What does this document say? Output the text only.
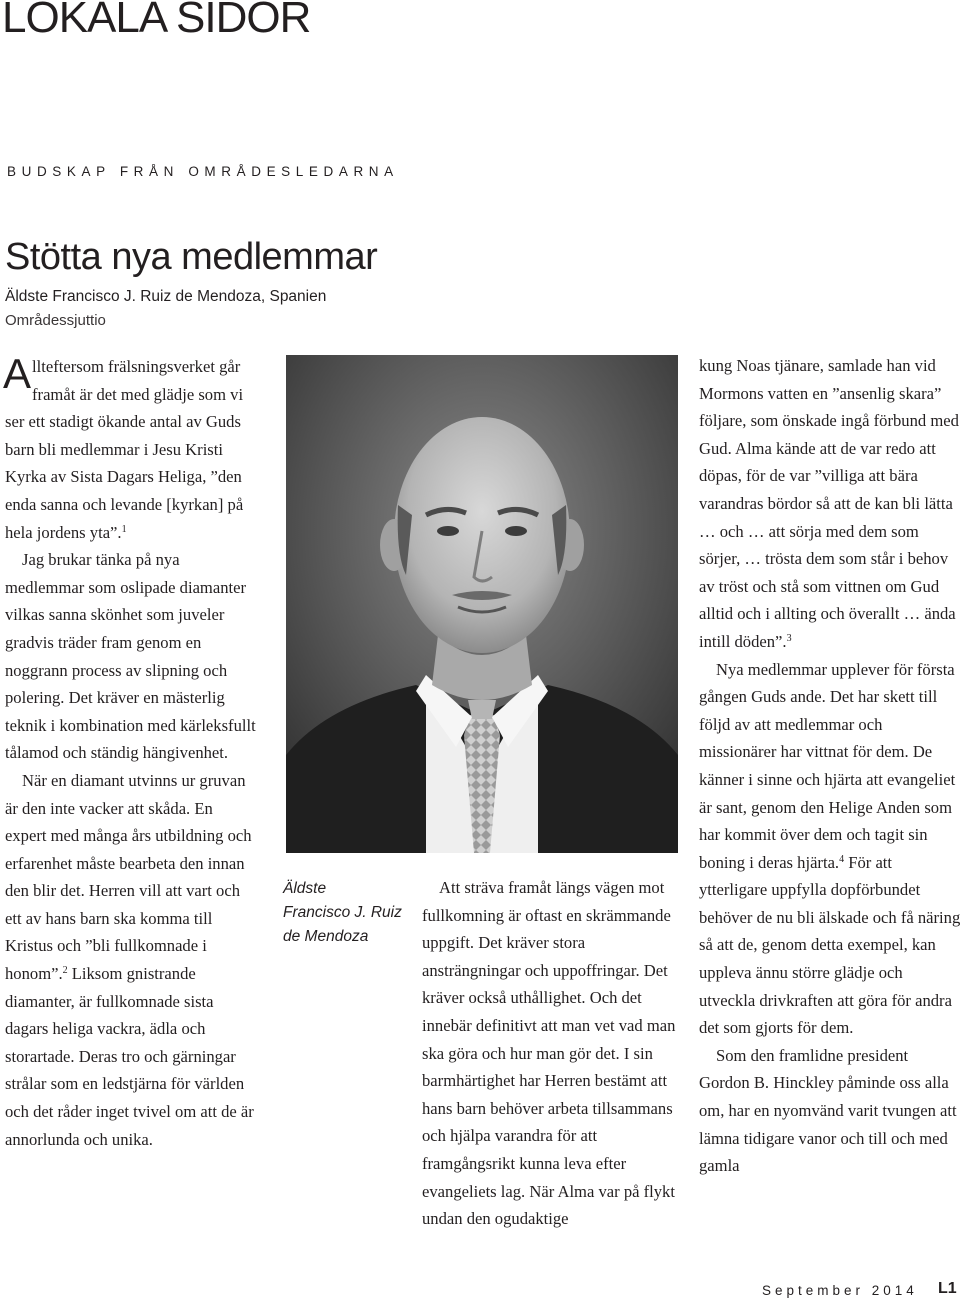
LOKALA SIDOR
BUDSKAP FRÅN OMRÅDESLEDARNA
Stötta nya medlemmar
Äldste Francisco J. Ruiz de Mendoza, Spanien
Områdessjuttio

Allteftersom frälsningsverket går framåt är det med glädje som vi ser ett stadigt ökande antal av Guds barn bli medlemmar i Jesu Kristi Kyrka av Sista Dagars Heliga, ”den enda sanna och levande [kyrkan] på hela jordens yta”.$^1$

Jag brukar tänka på nya medlemmar som oslipade diamanter vilkas sanna skönhet som juveler gradvis träder fram genom en noggrann process av slipning och polering. Det kräver en mästerlig teknik i kombination med kärleksfullt tålamod och ständig hängivenhet.

När en diamant utvinns ur gruvan är den inte vacker att skåda. En expert med många års utbildning och erfarenhet måste bearbeta den innan den blir det. Herren vill att vart och ett av hans barn ska komma till Kristus och ”bli fullkomnade i honom”.$^2$ Liksom gnistrande diamanter, är fullkomnade sista dagars heliga vackra, ädla och storartade. Deras tro och gärningar strålar som en ledstjärna för världen och det råder inget tvivel om att de är annorlunda och unika.

Äldste
Francisco J. Ruiz
de Mendoza

Att sträva framåt längs vägen mot fullkomning är oftast en skrämmande uppgift. Det kräver stora ansträngningar och uppoffringar. Det kräver också uthållighet. Och det innebär definitivt att man vet vad man ska göra och hur man gör det. I sin barmhärtighet har Herren bestämt att hans barn behöver arbeta tillsammans och hjälpa varandra för att framgångsrikt kunna leva efter evangeliets lag. När Alma var på flykt undan den ogudaktige

kung Noas tjänare, samlade han vid Mormons vatten en ”ansenlig skara” följare, som önskade ingå förbund med Gud. Alma kände att de var redo att döpas, för de var ”villiga att bära varandras bördor så att de kan bli lätta … och … att sörja med dem som sörjer, … trösta dem som står i behov av tröst och stå som vittnen om Gud alltid och i allting och överallt … ända intill döden”.$^3$

Nya medlemmar upplever för första gången Guds ande. Det har skett till följd av att medlemmar och missionärer har vittnat för dem. De känner i sinne och hjärta att evangeliet är sant, genom den Helige Anden som har kommit över dem och tagit sin boning i deras hjärta.$^4$ För att ytterligare uppfylla dopförbundet behöver de nu bli älskade och få näring så att de, genom detta exempel, kan uppleva ännu större glädje och utveckla drivkraften att göra för andra det som gjorts för dem.

Som den framlidne president Gordon B. Hinckley påminde oss alla om, har en nyomvänd varit tvungen att lämna tidigare vanor och till och med gamla

September 2014 L1
